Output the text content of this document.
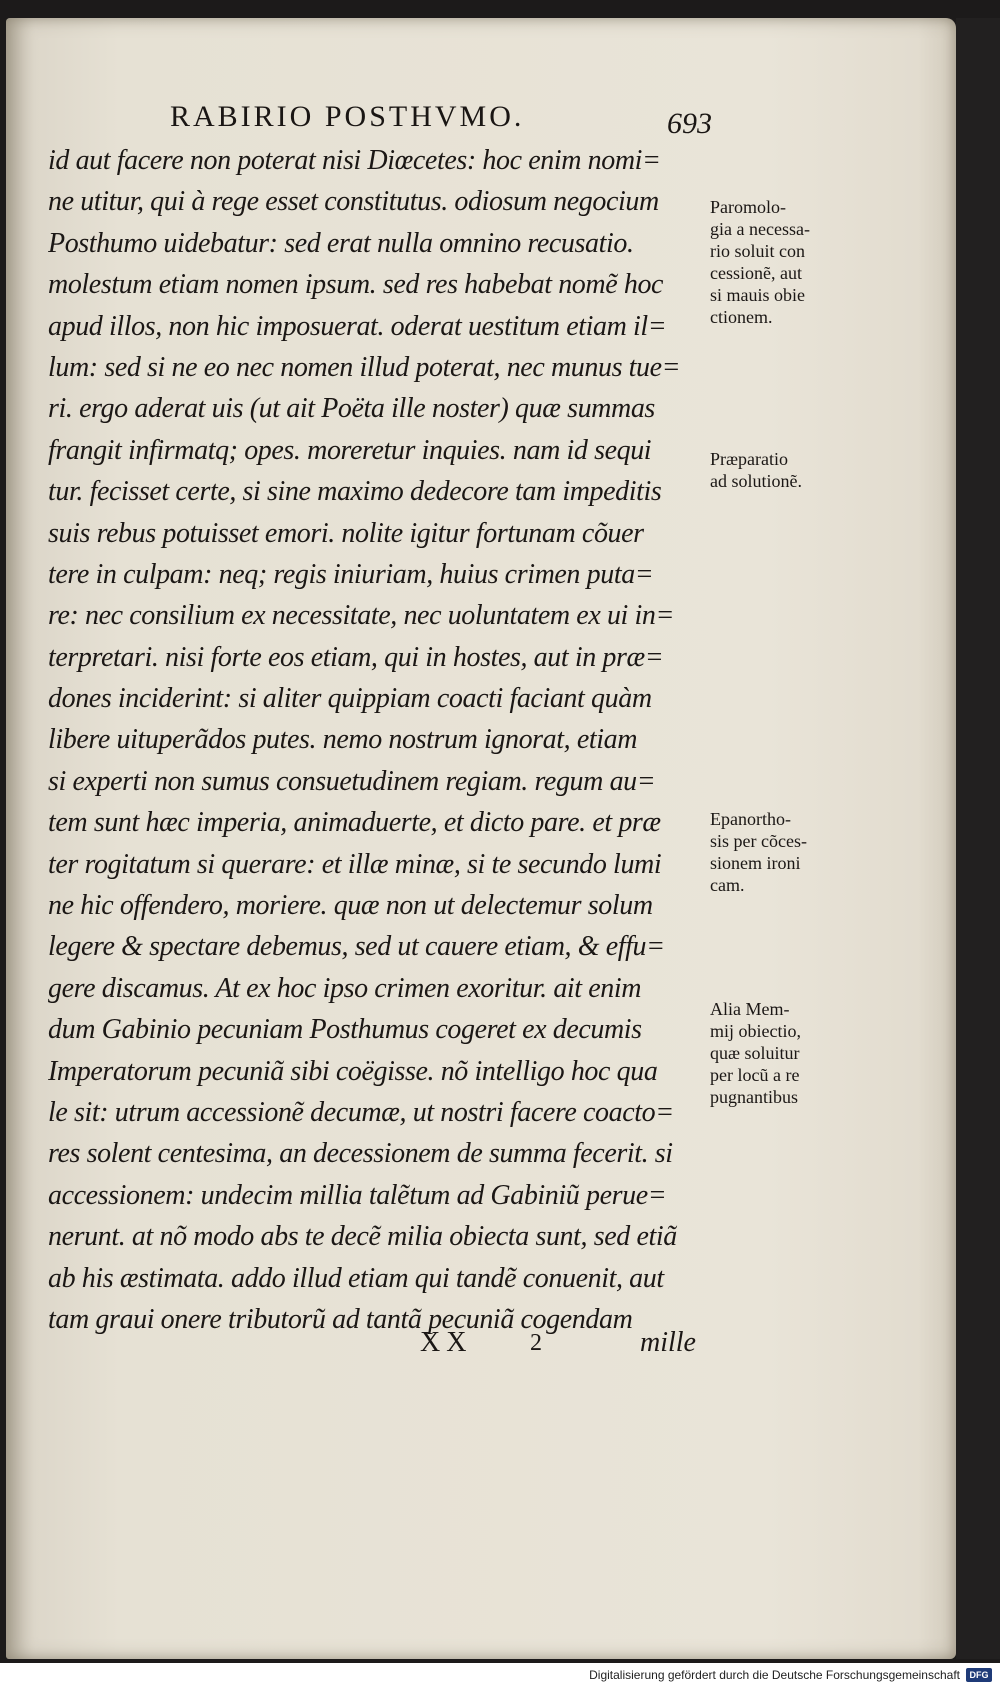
RABIRIO POSTHVMO.	693
id aut facere non poterat nisi Diœcetes: hoc enim nomi=
ne utitur, qui à rege esset constitutus. odiosum negocium
Posthumo uidebatur: sed erat nulla omnino recusatio.
molestum etiam nomen ipsum. sed res habebat nomẽ hoc
apud illos, non hic imposuerat. oderat uestitum etiam il=
lum: sed si ne eo nec nomen illud poterat, nec munus tue=
ri. ergo aderat uis (ut ait Poëta ille noster) quæ summas
frangit infirmatq; opes. moreretur inquies. nam id sequi
tur. fecisset certe, si sine maximo dedecore tam impeditis
suis rebus potuisset emori. nolite igitur fortunam cõuer
tere in culpam: neq; regis iniuriam, huius crimen puta=
re: nec consilium ex necessitate, nec uoluntatem ex ui in=
terpretari. nisi forte eos etiam, qui in hostes, aut in præ=
dones inciderint: si aliter quippiam coacti faciant quàm
libere uituperãdos putes. nemo nostrum ignorat, etiam
si experti non sumus consuetudinem regiam. regum au=
tem sunt hæc imperia, animaduerte, et dicto pare. et præ
ter rogitatum si querare: et illæ minæ, si te secundo lumi
ne hic offendero, moriere. quæ non ut delectemur solum
legere & spectare debemus, sed ut cauere etiam, & effu=
gere discamus. At ex hoc ipso crimen exoritur. ait enim
dum Gabinio pecuniam Posthumus cogeret ex decumis
Imperatorum pecuniã sibi coëgisse. nõ intelligo hoc qua
le sit: utrum accessionẽ decumæ, ut nostri facere coacto=
res solent centesima, an decessionem de summa fecerit. si
accessionem: undecim millia talẽtum ad Gabiniũ perue=
nerunt. at nõ modo abs te decẽ milia obiecta sunt, sed etiã
ab his æstimata. addo illud etiam qui tandẽ conuenit, aut
tam graui onere tributorũ ad tantã pecuniã cogendam
Paromolo-
gia a necessa-
rio soluit con
cessionẽ, aut
si mauis obie
ctionem.
Præparatio
ad solutionẽ.
Epanortho-
sis per cõces-
sionem ironi
cam.
Alia Mem-
mij obiectio,
quæ soluitur
per locũ a re
pugnantibus
XX 2	mille
Digitalisierung gefördert durch die Deutsche Forschungsgemeinschaft	DFG
